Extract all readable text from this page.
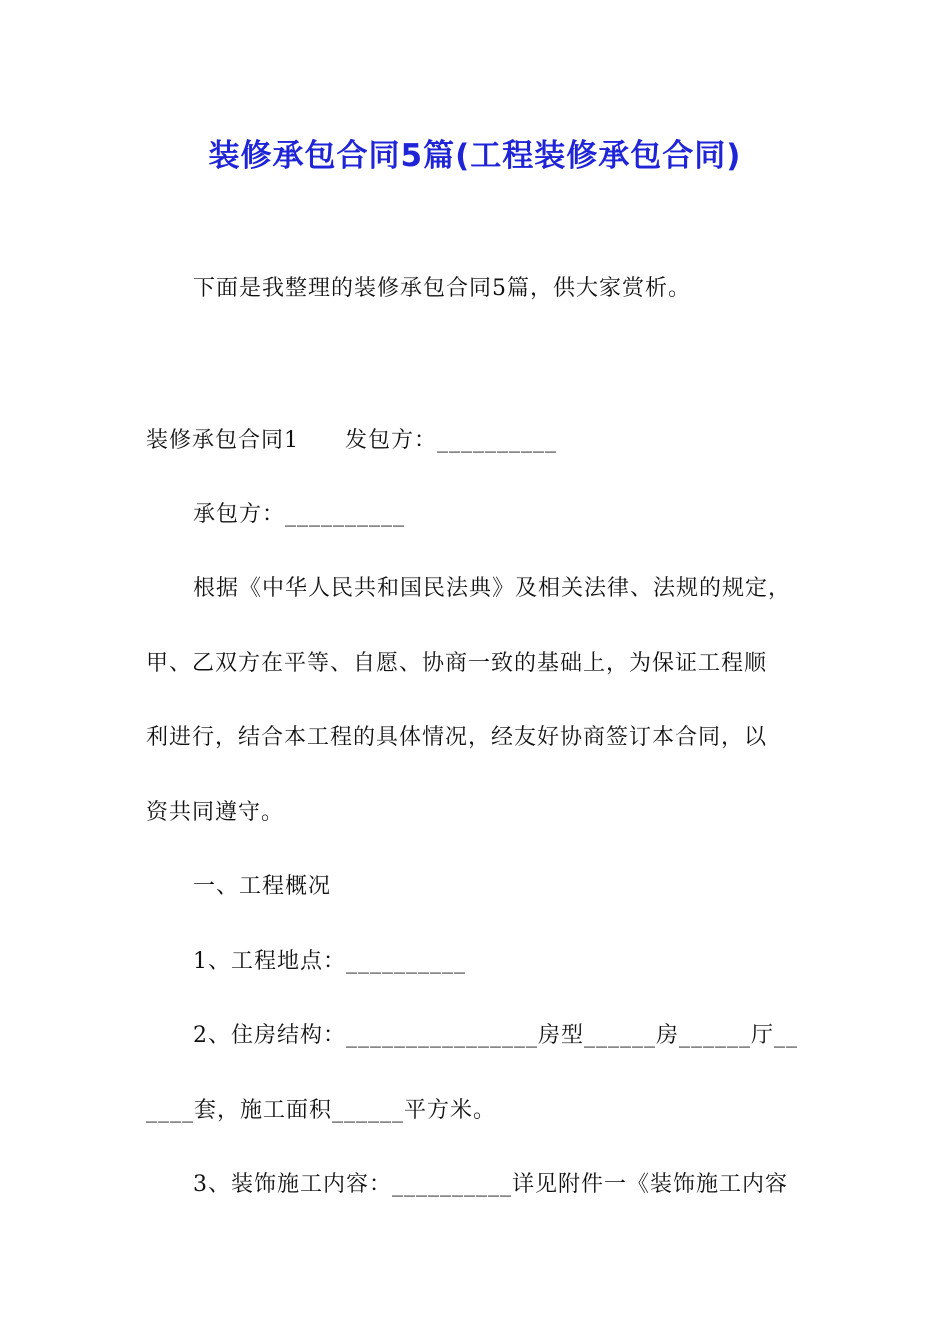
装修承包合同5篇(工程装修承包合同)
下面是我整理的装修承包合同5篇，供大家赏析。
装修承包合同1 发包方：__________
承包方：__________
根据《中华人民共和国民法典》及相关法律、法规的规定，
甲、乙双方在平等、自愿、协商一致的基础上，为保证工程顺
利进行，结合本工程的具体情况，经友好协商签订本合同，以
资共同遵守。
一、工程概况
1、工程地点：__________
2、住房结构：________________房型______房______厅__
____套，施工面积______平方米。
3、装饰施工内容：__________详见附件一《装饰施工内容
